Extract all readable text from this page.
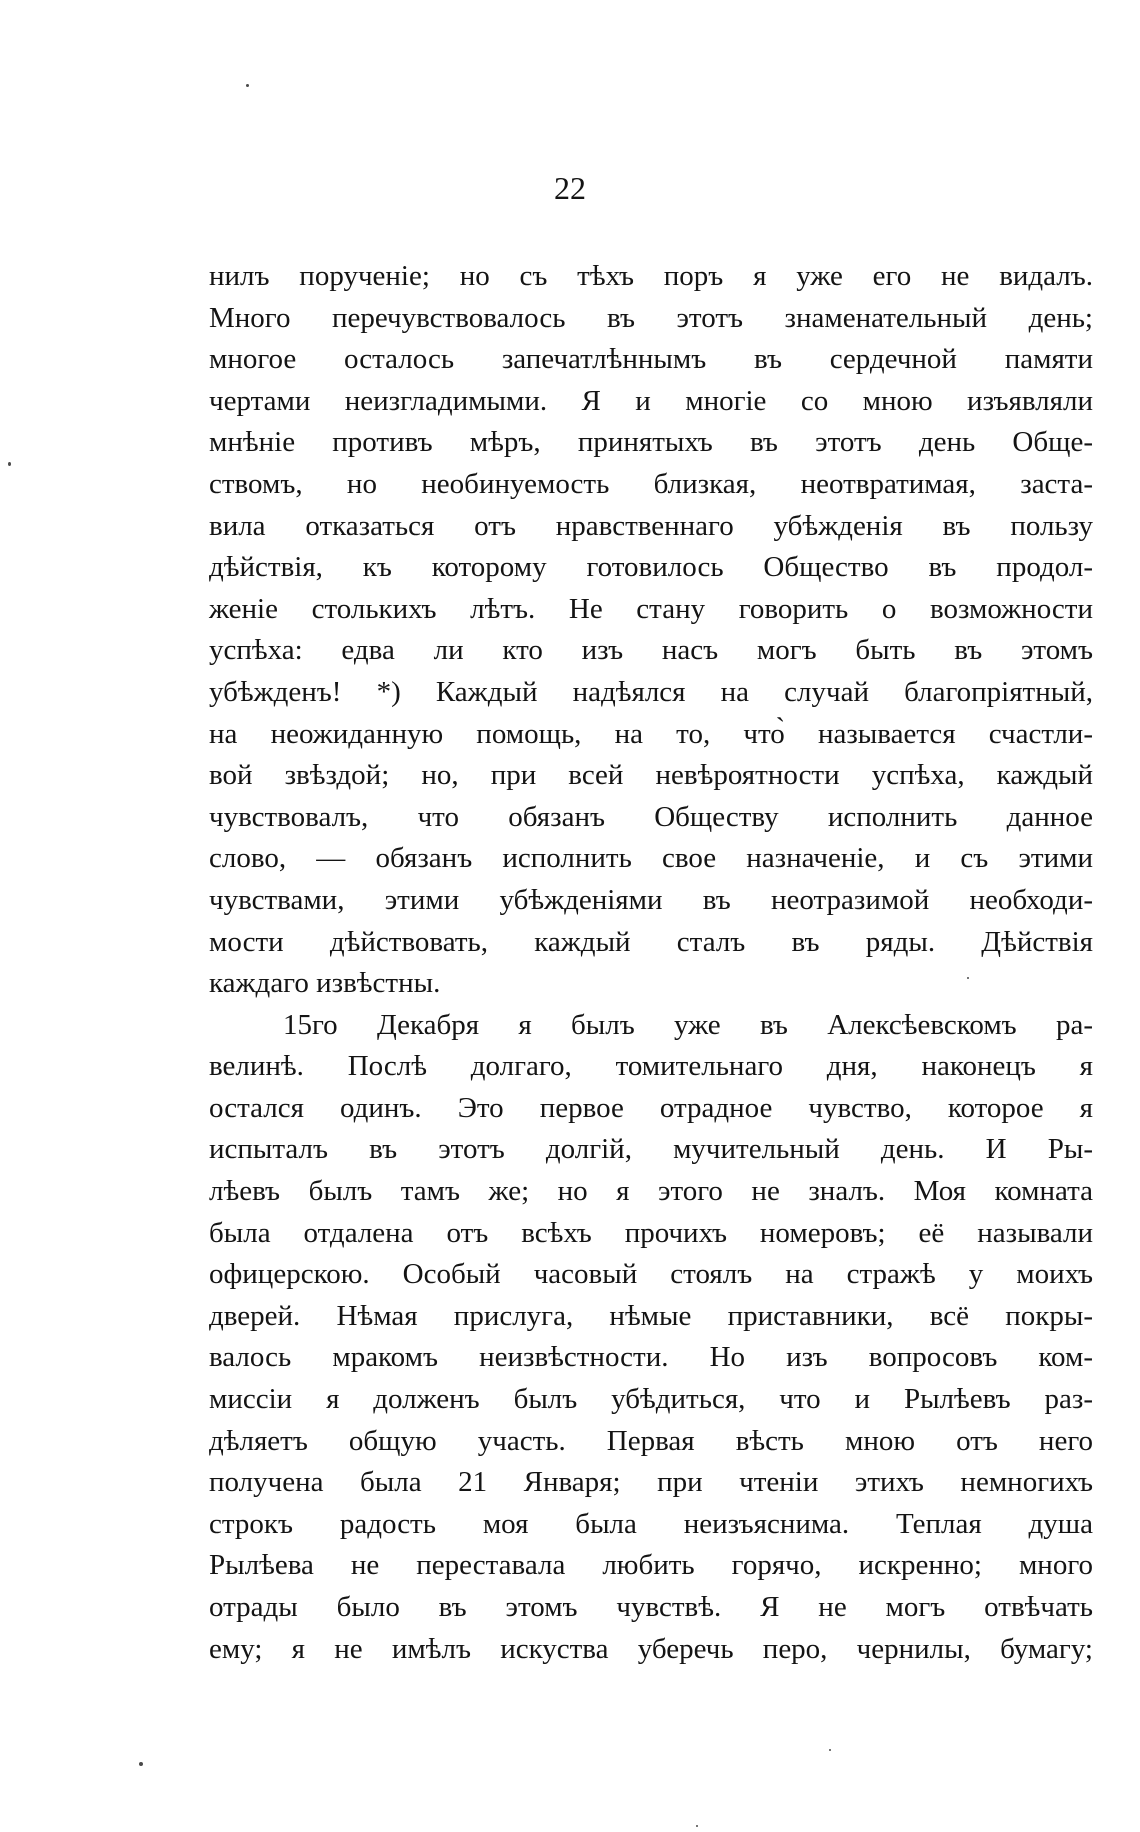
22
нилъ порученіе; но съ тѣхъ поръ я уже его не видалъ.
Много перечувствовалось въ этотъ знаменательный день;
многое осталось запечатлѣннымъ въ сердечной памяти
чертами неизгладимыми. Я и многіе со мною изъявляли
мнѣніе противъ мѣръ, принятыхъ въ этотъ день Обще-
ствомъ, но необинуемость близкая, неотвратимая, заста-
вила отказаться отъ нравственнаго убѣжденія въ пользу
дѣйствія, къ которому готовилось Общество въ продол-
женіе столькихъ лѣтъ. Не стану говорить о возможности
успѣха: едва ли кто изъ насъ могъ быть въ этомъ
убѣжденъ! *) Каждый надѣялся на случай благопріятный,
на неожиданную помощь, на то, что̀ называется счастли-
вой звѣздой; но, при всей невѣроятности успѣха, каждый
чувствовалъ, что обязанъ Обществу исполнить данное
слово, — обязанъ исполнить свое назначеніе, и съ этими
чувствами, этими убѣжденіями въ неотразимой необходи-
мости дѣйствовать, каждый сталъ въ ряды. Дѣйствія
каждаго извѣстны.
15го Декабря я былъ уже въ Алексѣевскомъ ра-
велинѣ. Послѣ долгаго, томительнаго дня, наконецъ я
остался одинъ. Это первое отрадное чувство, которое я
испыталъ въ этотъ долгій, мучительный день. И Ры-
лѣевъ былъ тамъ же; но я этого не зналъ. Моя комната
была отдалена отъ всѣхъ прочихъ номеровъ; её называли
офицерскою. Особый часовый стоялъ на стражѣ у моихъ
дверей. Нѣмая прислуга, нѣмые приставники, всё покры-
валось мракомъ неизвѣстности. Но изъ вопросовъ ком-
миссіи я долженъ былъ убѣдиться, что и Рылѣевъ раз-
дѣляетъ общую участь. Первая вѣсть мною отъ него
получена была 21 Января; при чтеніи этихъ немногихъ
строкъ радость моя была неизъяснима. Теплая душа
Рылѣева не переставала любить горячо, искренно; много
отрады было въ этомъ чувствѣ. Я не могъ отвѣчать
ему; я не имѣлъ искуства уберечь перо, чернилы, бумагу;
